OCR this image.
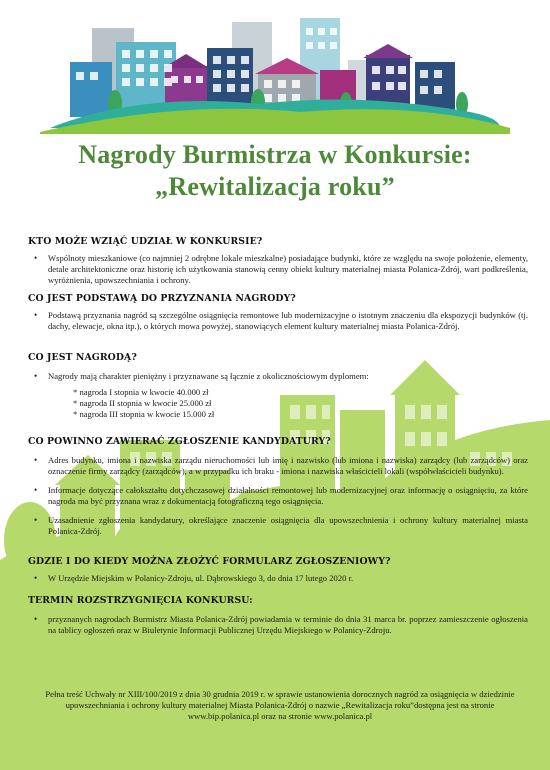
Nagrody Burmistrza w Konkursie:
„Rewitalizacja roku”
KTO MOŻE WZIĄĆ UDZIAŁ W KONKURSIE?
• Wspólnoty mieszkaniowe (co najmniej 2 odrębne lokale mieszkalne) posiadające budynki, które ze względu na swoje położenie, elementy, detale architektoniczne oraz historię ich użytkowania stanowią cenny obiekt kultury materialnej miasta Polanica-Zdrój, wart podkreślenia, wyróżnienia, upowszechniania i ochrony.
CO JEST PODSTAWĄ DO PRZYZNANIA NAGRODY?
• Podstawą przyznania nagród są szczególne osiągnięcia remontowe lub modernizacyjne o istotnym znaczeniu dla ekspozycji budynków (tj. dachy, elewacje, okna itp.), o których mowa powyżej, stanowiących element kultury materialnej miasta Polanica-Zdrój.
CO JEST NAGRODĄ?
• Nagrody mają charakter pieniężny i przyznawane są łącznie z okolicznościowym dyplomem:
* nagroda I stopnia w kwocie 40.000 zł
* nagroda II stopnia w kwocie 25.000 zł
* nagroda III stopnia w kwocie 15.000 zł
CO POWINNO ZAWIERAĆ ZGŁOSZENIE KANDYDATURY?
• Adres budynku, imiona i nazwiska zarządu nieruchomości lub imię i nazwisko (lub imiona i nazwiska) zarządcy (lub zarządców) oraz oznaczenie firmy zarządcy (zarządców), a w przypadku ich braku - imiona i nazwiska właścicieli lokali (współwłaścicieli budynku).
• Informacje dotyczące całokształtu dotychczasowej działalności remontowej lub modernizacyjnej oraz informację o osiągnięciu, za które nagroda ma być przyznana wraz z dokumentacją fotograficzną tego osiągnięcia.
• Uzasadnienie zgłoszenia kandydatury, określające znaczenie osiągnięcia dla upowszechnienia i ochrony kultury materialnej miasta Polanica-Zdrój.
GDZIE I DO KIEDY MOŻNA ZŁOŻYĆ FORMULARZ ZGŁOSZENIOWY?
• W Urzędzie Miejskim w Polanicy-Zdroju, ul. Dąbrowskiego 3, do dnia 17 lutego 2020 r.
TERMIN ROZSTRZYGNIĘCIA KONKURSU:
• przyznanych nagrodach Burmistrz Miasta Polanica-Zdrój powiadamia w terminie do dnia 31 marca br. poprzez zamieszczenie ogłoszenia na tablicy ogłoszeń oraz w Biuletynie Informacji Publicznej Urzędu Miejskiego w Polanicy-Zdroju.
Pełna treść Uchwały nr XIII/100/2019 z dnia 30 grudnia 2019 r. w sprawie ustanowienia dorocznych nagród za osiągnięcia w dziedzinie upowszechniania i ochrony kultury materialnej Miasta Polanica-Zdrój o nazwie „Rewitalizacja roku”dostępna jest na stronie www.bip.polanica.pl oraz na stronie www.polanica.pl
